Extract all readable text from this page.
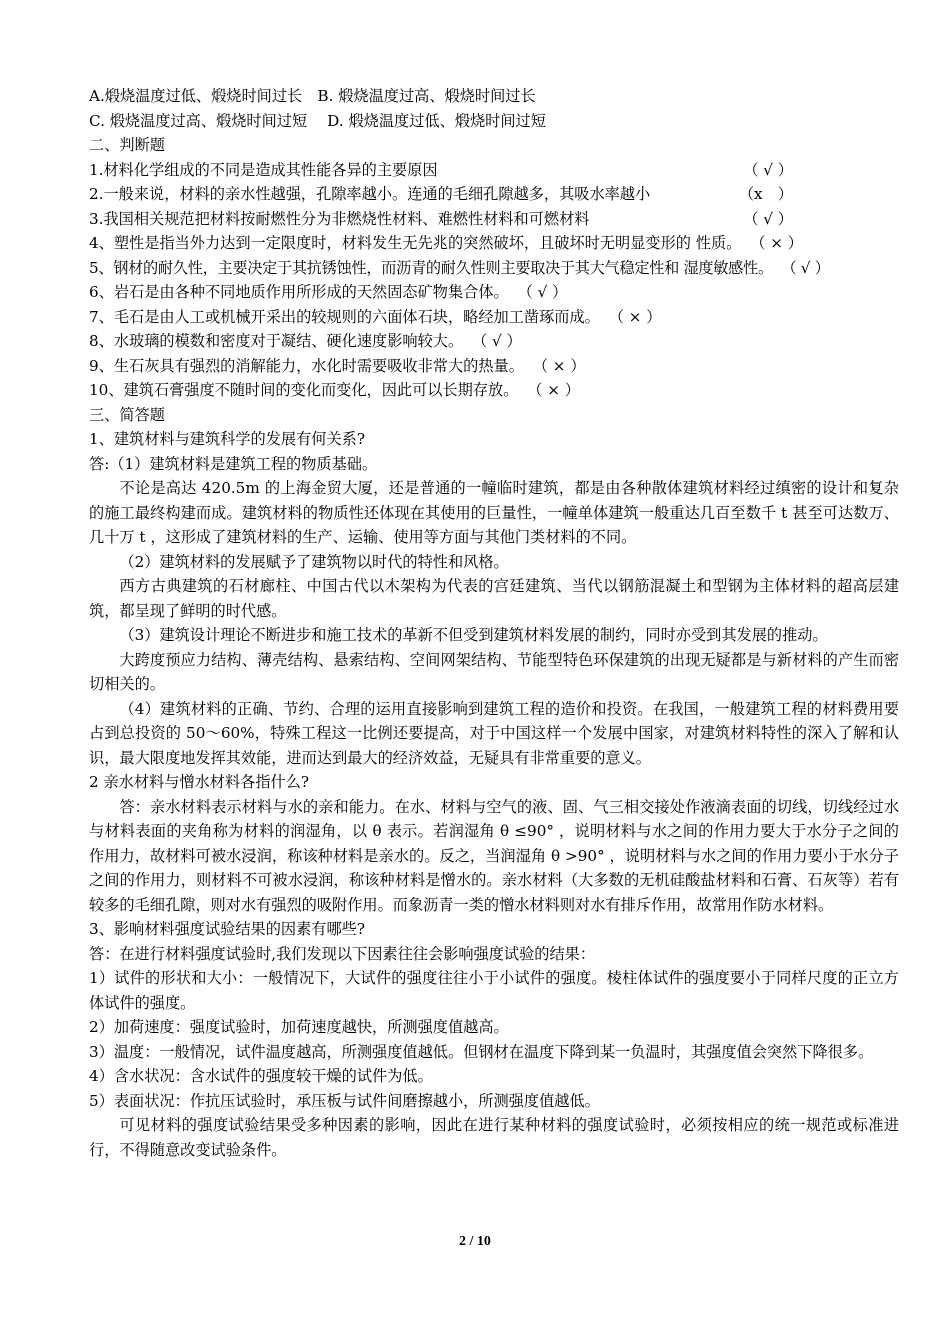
A.煅烧温度过低、煅烧时间过长　B. 煅烧温度过高、煅烧时间过长
C. 煅烧温度过高、煅烧时间过短　 D. 煅烧温度过低、煅烧时间过短
二、判断题
1.材料化学组成的不同是造成其性能各异的主要原因	（ √ ）
2.一般来说，材料的亲水性越强，孔隙率越小。连通的毛细孔隙越多，其吸水率越小	（x　）
3.我国相关规范把材料按耐燃性分为非燃烧性材料、难燃性材料和可燃材料	（ √ ）
4、塑性是指当外力达到一定限度时，材料发生无先兆的突然破坏，且破坏时无明显变形的 性质。 （ × ）
5、钢材的耐久性，主要决定于其抗锈蚀性，而沥青的耐久性则主要取决于其大气稳定性和 湿度敏感性。 （ √ ）
6、岩石是由各种不同地质作用所形成的天然固态矿物集合体。 （ √ ）
7、毛石是由人工或机械开采出的较规则的六面体石块，略经加工凿琢而成。 （ × ）
8、水玻璃的模数和密度对于凝结、硬化速度影响较大。 （ √ ）
9、生石灰具有强烈的消解能力，水化时需要吸收非常大的热量。 （ × ）
10、建筑石膏强度不随时间的变化而变化，因此可以长期存放。 （ × ）
三、简答题
1、建筑材料与建筑科学的发展有何关系?
答:（1）建筑材料是建筑工程的物质基础。
不论是高达 420.5m 的上海金贸大厦，还是普通的一幢临时建筑，都是由各种散体建筑材料经过缜密的设计和复杂的施工最终构建而成。建筑材料的物质性还体现在其使用的巨量性，一幢单体建筑一般重达几百至数千 t 甚至可达数万、几十万 t ，这形成了建筑材料的生产、运输、使用等方面与其他门类材料的不同。
（2）建筑材料的发展赋予了建筑物以时代的特性和风格。
西方古典建筑的石材廊柱、中国古代以木架构为代表的宫廷建筑、当代以钢筋混凝土和型钢为主体材料的超高层建筑，都呈现了鲜明的时代感。
（3）建筑设计理论不断进步和施工技术的革新不但受到建筑材料发展的制约，同时亦受到其发展的推动。
大跨度预应力结构、薄壳结构、悬索结构、空间网架结构、节能型特色环保建筑的出现无疑都是与新材料的产生而密切相关的。
（4）建筑材料的正确、节约、合理的运用直接影响到建筑工程的造价和投资。在我国，一般建筑工程的材料费用要占到总投资的 50～60%，特殊工程这一比例还要提高，对于中国这样一个发展中国家，对建筑材料特性的深入了解和认识，最大限度地发挥其效能，进而达到最大的经济效益，无疑具有非常重要的意义。
2 亲水材料与憎水材料各指什么?
答：亲水材料表示材料与水的亲和能力。在水、材料与空气的液、固、气三相交接处作液滴表面的切线，切线经过水与材料表面的夹角称为材料的润湿角，以 θ 表示。若润湿角 θ ≤90° ，说明材料与水之间的作用力要大于水分子之间的作用力，故材料可被水浸润，称该种材料是亲水的。反之，当润湿角 θ >90° ，说明材料与水之间的作用力要小于水分子之间的作用力，则材料不可被水浸润，称该种材料是憎水的。亲水材料（大多数的无机硅酸盐材料和石膏、石灰等）若有较多的毛细孔隙，则对水有强烈的吸附作用。而象沥青一类的憎水材料则对水有排斥作用，故常用作防水材料。
3、影响材料强度试验结果的因素有哪些?
答：在进行材料强度试验时,我们发现以下因素往往会影响强度试验的结果：
1）试件的形状和大小：一般情况下，大试件的强度往往小于小试件的强度。棱柱体试件的强度要小于同样尺度的正立方体试件的强度。
2）加荷速度：强度试验时，加荷速度越快，所测强度值越高。
3）温度：一般情况，试件温度越高，所测强度值越低。但钢材在温度下降到某一负温时，其强度值会突然下降很多。
4）含水状况：含水试件的强度较干燥的试件为低。
5）表面状况：作抗压试验时，承压板与试件间磨擦越小，所测强度值越低。
可见材料的强度试验结果受多种因素的影响，因此在进行某种材料的强度试验时，必须按相应的统一规范或标准进行，不得随意改变试验条件。
2 / 10
